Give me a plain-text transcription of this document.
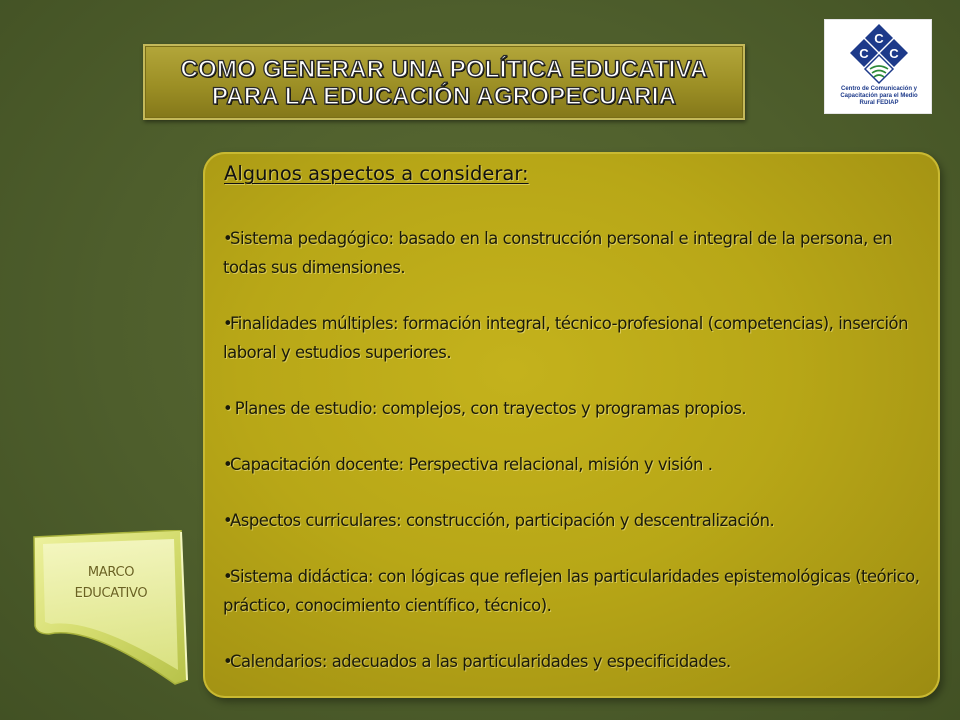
COMO GENERAR UNA POLÍTICA EDUCATIVA
PARA LA EDUCACIÓN AGROPECUARIA
C
C C
Centro de Comunicación y
Capacitación para el Medio
Rural FEDIAP
Algunos aspectos a considerar:
•Sistema pedagógico: basado en la construcción personal e integral de la persona, en todas sus dimensiones.
•Finalidades múltiples: formación integral, técnico-profesional (competencias), inserción laboral y estudios superiores.
• Planes de estudio: complejos, con trayectos y programas propios.
•Capacitación docente: Perspectiva relacional, misión y visión .
•Aspectos curriculares: construcción, participación y descentralización.
•Sistema didáctica: con lógicas que reflejen las particularidades epistemológicas (teórico, práctico, conocimiento científico, técnico).
•Calendarios: adecuados a las particularidades y especificidades.
MARCO
EDUCATIVO
